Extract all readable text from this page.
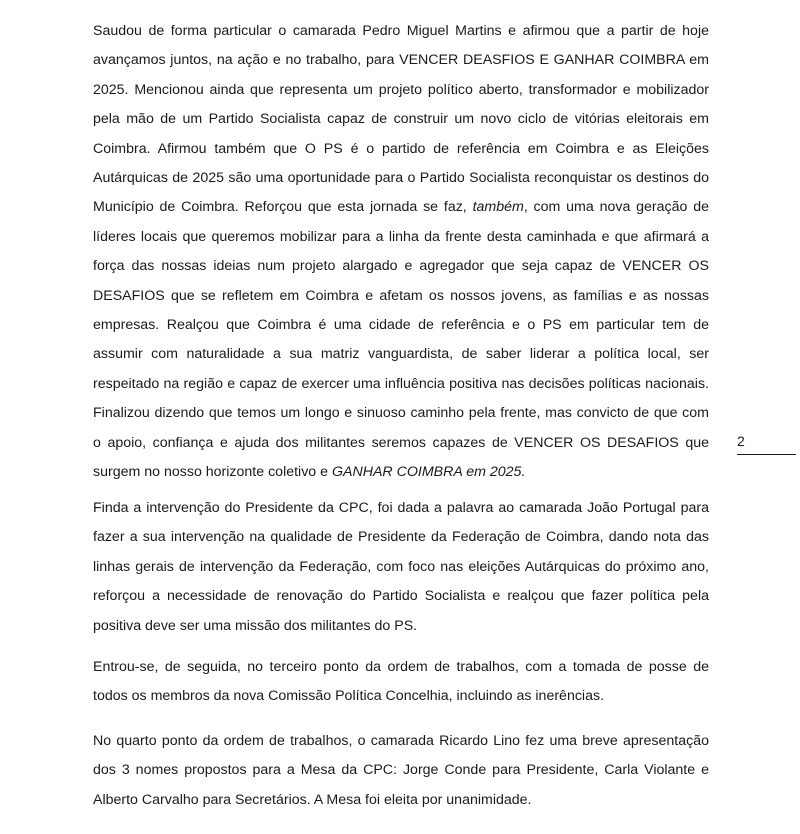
Saudou de forma particular o camarada Pedro Miguel Martins e afirmou que a partir de hoje avançamos juntos, na ação e no trabalho, para VENCER DEASFIOS E GANHAR COIMBRA em 2025. Mencionou ainda que representa um projeto político aberto, transformador e mobilizador pela mão de um Partido Socialista capaz de construir um novo ciclo de vitórias eleitorais em Coimbra. Afirmou também que O PS é o partido de referência em Coimbra e as Eleições Autárquicas de 2025 são uma oportunidade para o Partido Socialista reconquistar os destinos do Município de Coimbra. Reforçou que esta jornada se faz, também, com uma nova geração de líderes locais que queremos mobilizar para a linha da frente desta caminhada e que afirmará a força das nossas ideias num projeto alargado e agregador que seja capaz de VENCER OS DESAFIOS que se refletem em Coimbra e afetam os nossos jovens, as famílias e as nossas empresas. Realçou que Coimbra é uma cidade de referência e o PS em particular tem de assumir com naturalidade a sua matriz vanguardista, de saber liderar a política local, ser respeitado na região e capaz de exercer uma influência positiva nas decisões políticas nacionais. Finalizou dizendo que temos um longo e sinuoso caminho pela frente, mas convicto de que com o apoio, confiança e ajuda dos militantes seremos capazes de VENCER OS DESAFIOS que surgem no nosso horizonte coletivo e GANHAR COIMBRA em 2025.

Finda a intervenção do Presidente da CPC, foi dada a palavra ao camarada João Portugal para fazer a sua intervenção na qualidade de Presidente da Federação de Coimbra, dando nota das linhas gerais de intervenção da Federação, com foco nas eleições Autárquicas do próximo ano, reforçou a necessidade de renovação do Partido Socialista e realçou que fazer política pela positiva deve ser uma missão dos militantes do PS.

Entrou-se, de seguida, no terceiro ponto da ordem de trabalhos, com a tomada de posse de todos os membros da nova Comissão Política Concelhia, incluindo as inerências.

No quarto ponto da ordem de trabalhos, o camarada Ricardo Lino fez uma breve apresentação dos 3 nomes propostos para a Mesa da CPC: Jorge Conde para Presidente, Carla Violante e Alberto Carvalho para Secretários. A Mesa foi eleita por unanimidade.

2
